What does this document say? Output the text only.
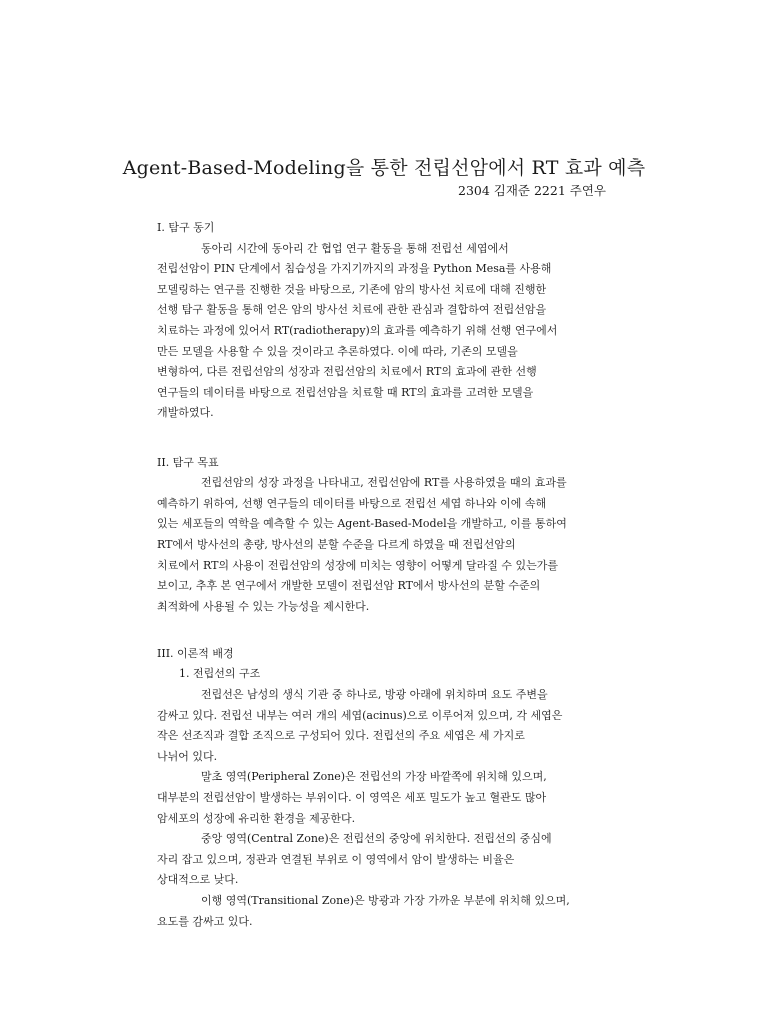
Agent-Based-Modeling을 통한 전립선암에서 RT 효과 예측

2304 김재준 2221 주연우

I. 탐구 동기
동아리 시간에 동아리 간 협업 연구 활동을 통해 전립선 세엽에서
전립선암이 PIN 단계에서 침습성을 가지기까지의 과정을 Python Mesa를 사용해
모델링하는 연구를 진행한 것을 바탕으로, 기존에 암의 방사선 치료에 대해 진행한
선행 탐구 활동을 통해 얻은 암의 방사선 치료에 관한 관심과 결합하여 전립선암을
치료하는 과정에 있어서 RT(radiotherapy)의 효과를 예측하기 위해 선행 연구에서
만든 모델을 사용할 수 있을 것이라고 추론하였다. 이에 따라, 기존의 모델을
변형하여, 다른 전립선암의 성장과 전립선암의 치료에서 RT의 효과에 관한 선행
연구들의 데이터를 바탕으로 전립선암을 치료할 때 RT의 효과를 고려한 모델을
개발하였다.
II. 탐구 목표
전립선암의 성장 과정을 나타내고, 전립선암에 RT를 사용하였을 때의 효과를
예측하기 위하여, 선행 연구들의 데이터를 바탕으로 전립선 세엽 하나와 이에 속해
있는 세포들의 역학을 예측할 수 있는 Agent-Based-Model을 개발하고, 이를 통하여
RT에서 방사선의 총량, 방사선의 분할 수준을 다르게 하였을 때 전립선암의
치료에서 RT의 사용이 전립선암의 성장에 미치는 영향이 어떻게 달라질 수 있는가를
보이고, 추후 본 연구에서 개발한 모델이 전립선암 RT에서 방사선의 분할 수준의
최적화에 사용될 수 있는 가능성을 제시한다.
III. 이론적 배경
1. 전립선의 구조
전립선은 남성의 생식 기관 중 하나로, 방광 아래에 위치하며 요도 주변을
감싸고 있다. 전립선 내부는 여러 개의 세엽(acinus)으로 이루어져 있으며, 각 세엽은
작은 선조직과 결합 조직으로 구성되어 있다. 전립선의 주요 세엽은 세 가지로
나뉘어 있다.
말초 영역(Peripheral Zone)은 전립선의 가장 바깥쪽에 위치해 있으며,
대부분의 전립선암이 발생하는 부위이다. 이 영역은 세포 밀도가 높고 혈관도 많아
암세포의 성장에 유리한 환경을 제공한다.
중앙 영역(Central Zone)은 전립선의 중앙에 위치한다. 전립선의 중심에
자리 잡고 있으며, 정관과 연결된 부위로 이 영역에서 암이 발생하는 비율은
상대적으로 낮다.
이행 영역(Transitional Zone)은 방광과 가장 가까운 부분에 위치해 있으며,
요도를 감싸고 있다.
